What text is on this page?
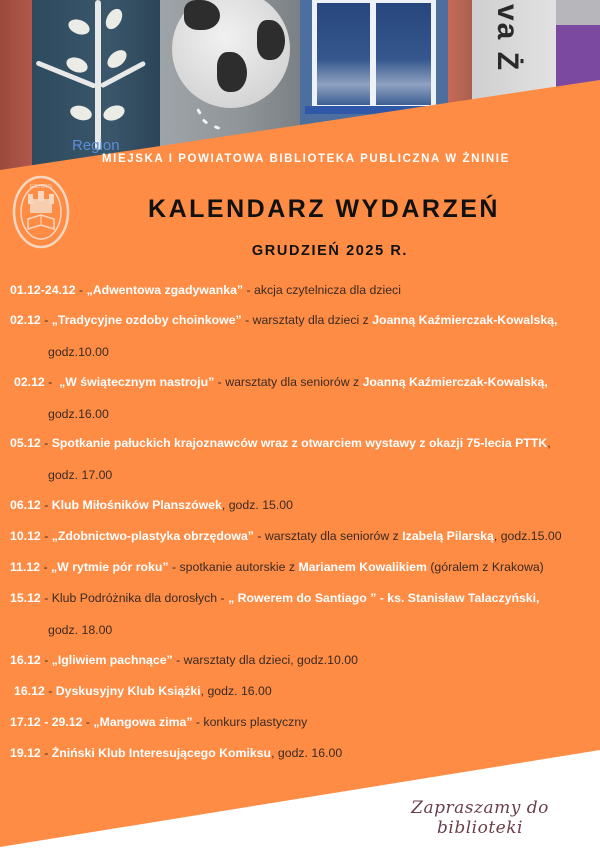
Region
va Ż
MIEJSKA I POWIATOWA BIBLIOTEKA PUBLICZNA W ŻNINIE
EXLIBRIS
KALENDARZ WYDARZEŃ
GRUDZIEŃ 2025 R.
01.12-24.12 - „Adwentowa zgadywanka” - akcja czytelnicza dla dzieci
02.12 - „Tradycyjne ozdoby choinkowe” - warsztaty dla dzieci z Joanną Kaźmierczak-Kowalską,
godz.10.00
02.12 -  „W świątecznym nastroju” - warsztaty dla seniorów z Joanną Kaźmierczak-Kowalską,
godz.16.00
05.12 - Spotkanie pałuckich krajoznawców wraz z otwarciem wystawy z okazji 75-lecia PTTK,
godz. 17.00
06.12 - Klub Miłośników Planszówek, godz. 15.00
10.12 - „Zdobnictwo-plastyka obrzędowa” - warsztaty dla seniorów z Izabelą Pilarską, godz.15.00
11.12 - „W rytmie pór roku” - spotkanie autorskie z Marianem Kowalikiem (góralem z Krakowa)
15.12 - Klub Podróżnika dla dorosłych - „ Rowerem do Santiago ” - ks. Stanisław Talaczyński,
godz. 18.00
16.12 - „Igliwiem pachnące” - warsztaty dla dzieci, godz.10.00
16.12 - Dyskusyjny Klub Książki, godz. 16.00
17.12 - 29.12 - „Mangowa zima” - konkurs plastyczny
19.12 - Żniński Klub Interesującego Komiksu, godz. 16.00
Zapraszamy do biblioteki
